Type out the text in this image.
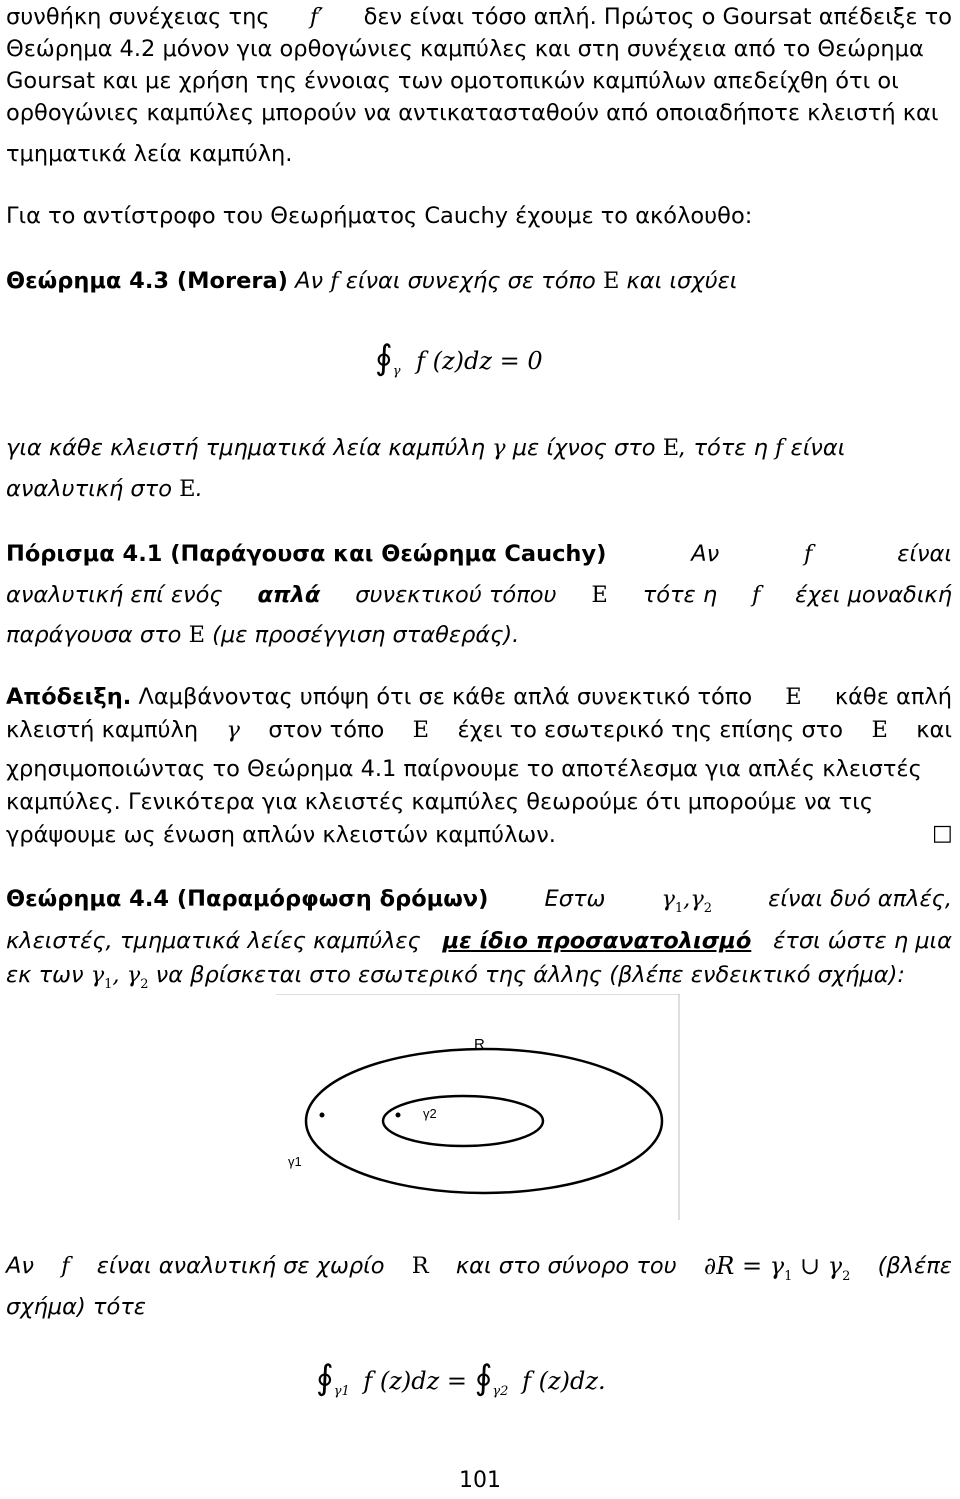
συνθήκη συνέχειας της f′ δεν είναι τόσο απλή. Πρώτος ο Goursat απέδειξε το
Θεώρημα 4.2 μόνον για ορθογώνιες καμπύλες και στη συνέχεια από το Θεώρημα
Goursat και με χρήση της έννοιας των ομοτοπικών καμπύλων απεδείχθη ότι οι
ορθογώνιες καμπύλες μπορούν να αντικατασταθούν από οποιαδήποτε κλειστή και
τμηματικά λεία καμπύλη.
Για το αντίστροφο του Θεωρήματος Cauchy έχουμε το ακόλουθο:
Θεώρημα 4.3 (Morera) Αν f είναι συνεχής σε τόπο E και ισχύει
$∮_\gamma$ f (z)dz = 0
για κάθε κλειστή τμηματικά λεία καμπύλη γ με ίχνος στο E, τότε η f είναι
αναλυτική στο E.
Πόρισμα 4.1 (Παράγουσα και Θεώρημα Cauchy)	Αν	f	είναι
αναλυτική επί ενός απλά συνεκτικού τόπου E τότε η f έχει μοναδική
παράγουσα στο E (με προσέγγιση σταθεράς).
Απόδειξη. Λαμβάνοντας υπόψη ότι σε κάθε απλά συνεκτικό τόπο E κάθε απλή
κλειστή καμπύλη γ στον τόπο E έχει το εσωτερικό της επίσης στο E και
χρησιμοποιώντας το Θεώρημα 4.1 παίρνουμε το αποτέλεσμα για απλές κλειστές
καμπύλες. Γενικότερα για κλειστές καμπύλες θεωρούμε ότι μπορούμε να τις
γράψουμε ως ένωση απλών κλειστών καμπύλων.	□
Θεώρημα 4.4 (Παραμόρφωση δρόμων) Εστω $\gamma_1,\gamma_2$ είναι δυό απλές,
κλειστές, τμηματικά λείες καμπύλες με ίδιο προσανατολισμό έτσι ώστε η μια
εκ των $\gamma_1$, $\gamma_2$ να βρίσκεται στο εσωτερικό της άλλης (βλέπε ενδεικτικό σχήμα):
R
γ2
γ1
Αν f είναι αναλυτική σε χωρίο R και στο σύνορο του $\partial R = \gamma_1$ ∪ $\gamma_2$ (βλέπε
σχήμα) τότε
$∮_{\gamma 1}$ f $(z)dz = ∮_{\gamma 2}$ f (z)dz.
101
